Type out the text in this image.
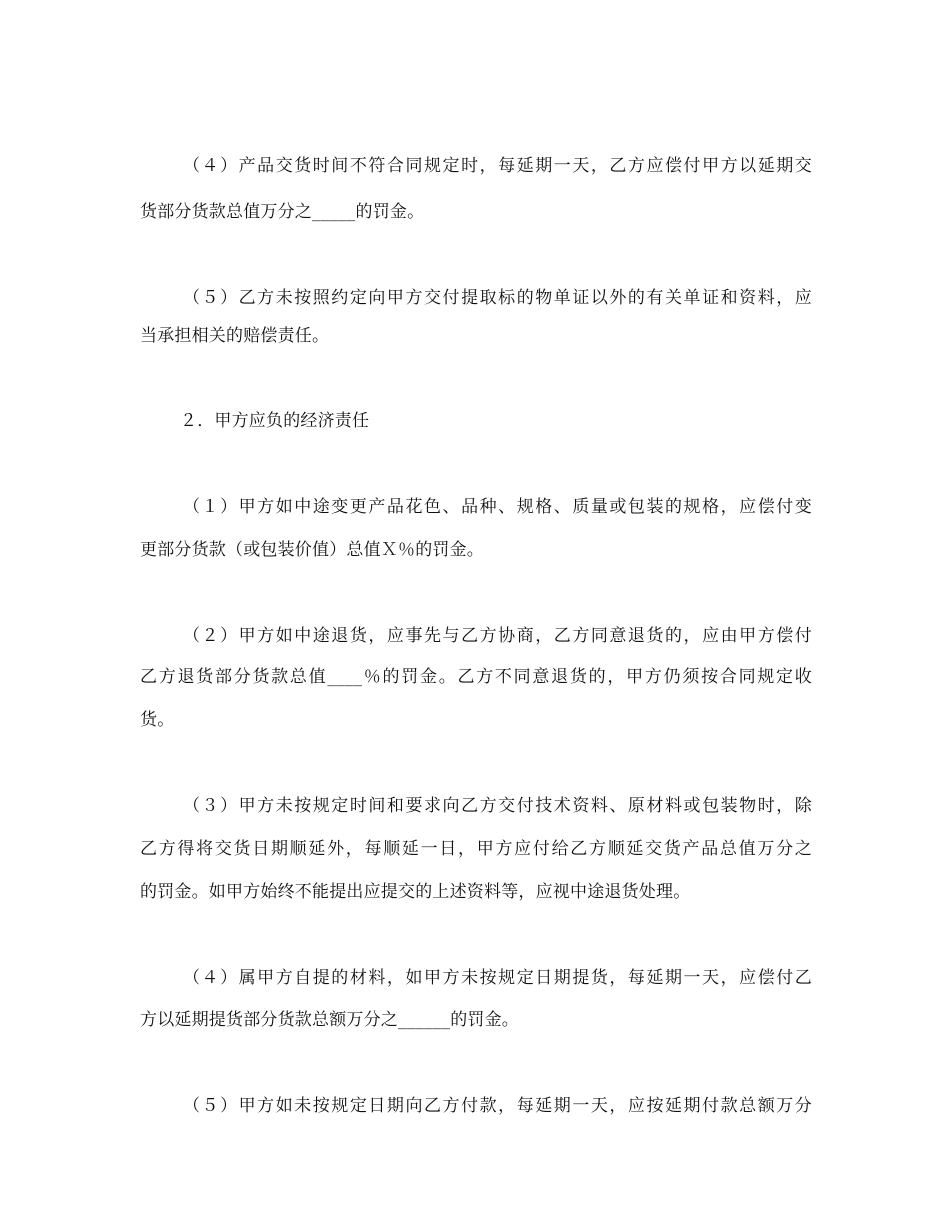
（４）产品交货时间不符合同规定时，每延期一天，乙方应偿付甲方以延期交
货部分货款总值万分之_____的罚金。
（５）乙方未按照约定向甲方交付提取标的物单证以外的有关单证和资料，应
当承担相关的赔偿责任。
２．甲方应负的经济责任
（１）甲方如中途变更产品花色、品种、规格、质量或包装的规格，应偿付变
更部分货款（或包装价值）总值Ｘ％的罚金。
（２）甲方如中途退货，应事先与乙方协商，乙方同意退货的，应由甲方偿付
乙方退货部分货款总值____％的罚金。乙方不同意退货的，甲方仍须按合同规定收
货。
（３）甲方未按规定时间和要求向乙方交付技术资料、原材料或包装物时，除
乙方得将交货日期顺延外，每顺延一日，甲方应付给乙方顺延交货产品总值万分之
的罚金。如甲方始终不能提出应提交的上述资料等，应视中途退货处理。
（４）属甲方自提的材料，如甲方未按规定日期提货，每延期一天，应偿付乙
方以延期提货部分货款总额万分之______的罚金。
（５）甲方如未按规定日期向乙方付款，每延期一天，应按延期付款总额万分
